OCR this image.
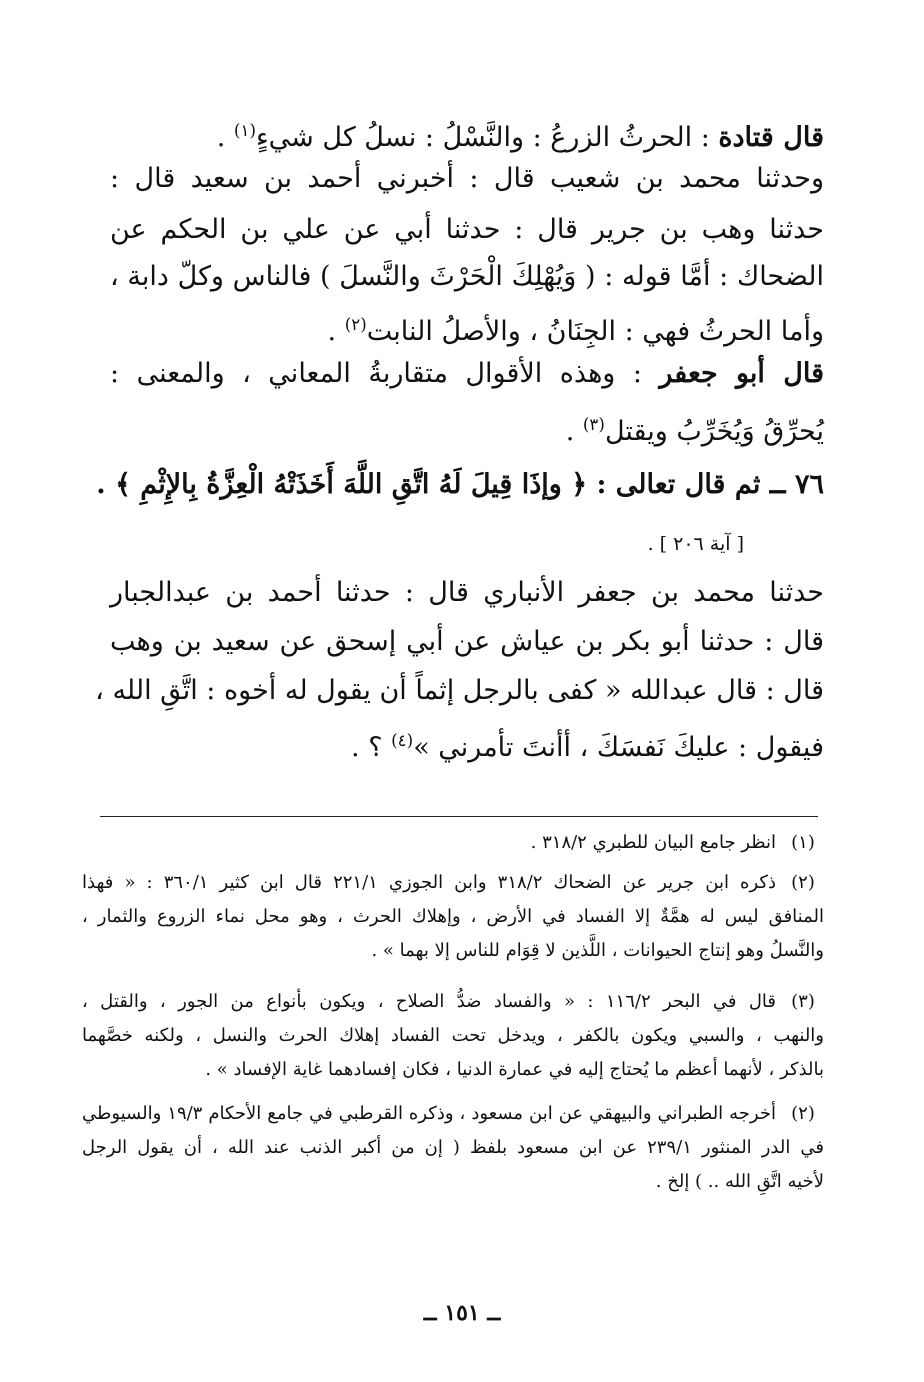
قال قتادة : الحرثُ الزرعُ : والنَّسْلُ : نسلُ كل شيءٍ$^{(١)}$ .
وحدثنا محمد بن شعيب قال : أخبرني أحمد بن سعيد قال :
حدثنا وهب بن جرير قال : حدثنا أبي عن علي بن الحكم عن
الضحاك : أمَّا قوله : ( وَيُهْلِكَ الْحَرْثَ والنَّسلَ ) فالناس وكلّ دابة ،
وأما الحرثُ فهي : الجِنَانُ ، والأصلُ النابت$^{(٢)}$ .
قال أبو جعفر : وهذه الأقوال متقاربةُ المعاني ، والمعنى :
يُحرِّقُ وَيُخَرِّبُ ويقتل$^{(٣)}$ .
٧٦ ــ ثم قال تعالى : ﴿ وإذَا قِيلَ لَهُ اتَّقِ اللَّهَ أَخَذَتْهُ الْعِزَّةُ بِالإِثْمِ ﴾ .
[ آية ٢٠٦ ] .
حدثنا محمد بن جعفر الأنباري قال : حدثنا أحمد بن عبدالجبار
قال : حدثنا أبو بكر بن عياش عن أبي إسحق عن سعيد بن وهب
قال : قال عبدالله « كفى بالرجل إثماً أن يقول له أخوه : اتَّقِ الله ،
فيقول : عليكَ نَفسَكَ ، أأنتَ تأمرني »$^{(٤)}$ ؟ .
(١)
انظر جامع البيان للطبري ٣١٨/٢ .
(٢)
ذكره ابن جرير عن الضحاك ٣١٨/٢ وابن الجوزي ٢٢١/١ قال ابن كثير ٣٦٠/١ : « فهذا
المنافق ليس له همَّةٌ إلا الفساد في الأرض ، وإهلاك الحرث ، وهو محل نماء الزروع والثمار ،
والنَّسلُ وهو إنتاج الحيوانات ، اللَّذين لا قِوَام للناس إلا بهما » .
(٣)
قال في البحر ١١٦/٢ : « والفساد ضدُّ الصلاح ، ويكون بأنواع من الجور ، والقتل ،
والنهب ، والسبي ويكون بالكفر ، ويدخل تحت الفساد إهلاك الحرث والنسل ، ولكنه خصَّهما
بالذكر ، لأنهما أعظم ما يُحتاج إليه في عمارة الدنيا ، فكان إفسادهما غاية الإفساد » .
(٢)
أخرجه الطبراني والبيهقي عن ابن مسعود ، وذكره القرطبي في جامع الأحكام ١٩/٣ والسيوطي
في الدر المنثور ٢٣٩/١ عن ابن مسعود بلفظ ( إن من أكبر الذنب عند الله ، أن يقول الرجل
لأخيه اتَّقِ الله .. ) إلخ .
ــ ١٥١ ــ
